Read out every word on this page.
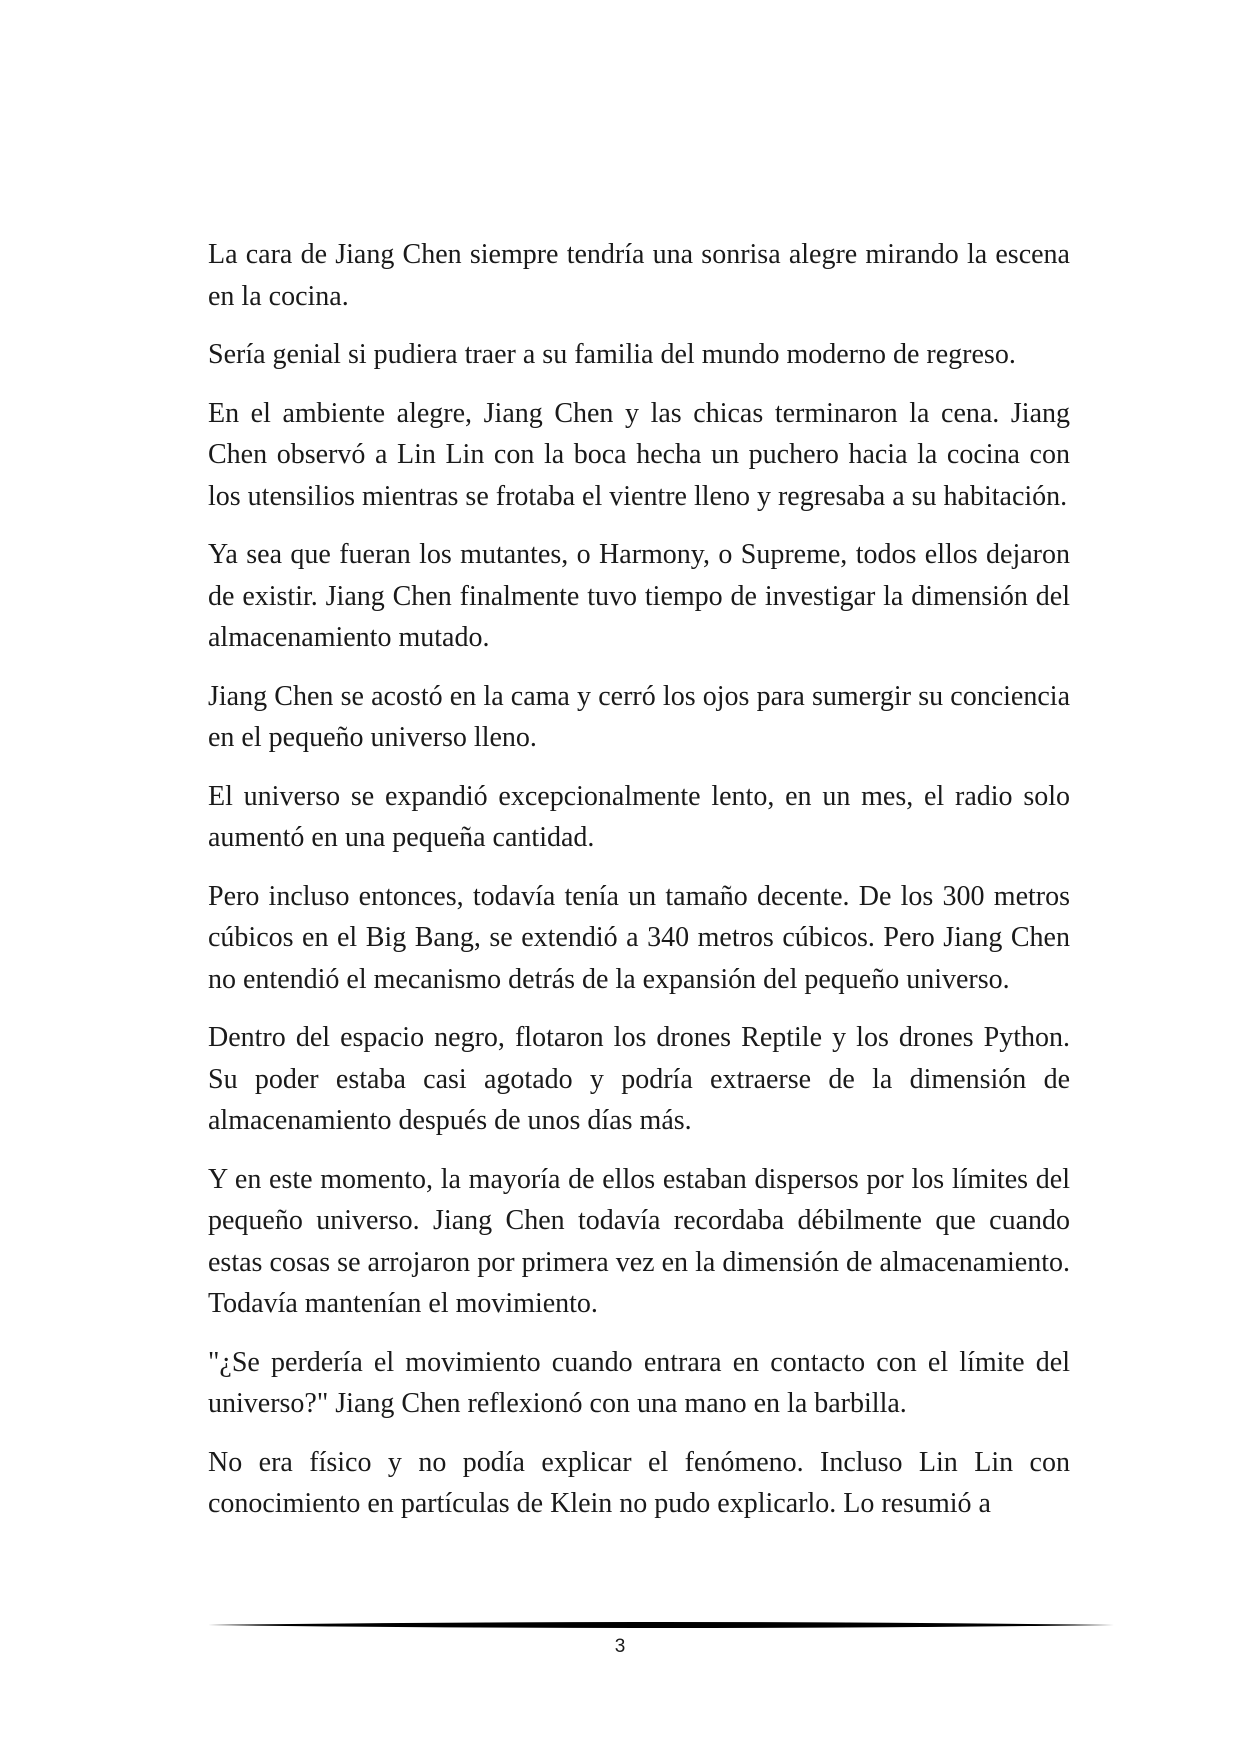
La cara de Jiang Chen siempre tendría una sonrisa alegre mirando la escena en la cocina.

Sería genial si pudiera traer a su familia del mundo moderno de regreso.

En el ambiente alegre, Jiang Chen y las chicas terminaron la cena. Jiang Chen observó a Lin Lin con la boca hecha un puchero hacia la cocina con los utensilios mientras se frotaba el vientre lleno y regresaba a su habitación.

Ya sea que fueran los mutantes, o Harmony, o Supreme, todos ellos dejaron de existir. Jiang Chen finalmente tuvo tiempo de investigar la dimensión del almacenamiento mutado.

Jiang Chen se acostó en la cama y cerró los ojos para sumergir su conciencia en el pequeño universo lleno.

El universo se expandió excepcionalmente lento, en un mes, el radio solo aumentó en una pequeña cantidad.

Pero incluso entonces, todavía tenía un tamaño decente. De los 300 metros cúbicos en el Big Bang, se extendió a 340 metros cúbicos. Pero Jiang Chen no entendió el mecanismo detrás de la expansión del pequeño universo.

Dentro del espacio negro, flotaron los drones Reptile y los drones Python. Su poder estaba casi agotado y podría extraerse de la dimensión de almacenamiento después de unos días más.

Y en este momento, la mayoría de ellos estaban dispersos por los límites del pequeño universo. Jiang Chen todavía recordaba débilmente que cuando estas cosas se arrojaron por primera vez en la dimensión de almacenamiento. Todavía mantenían el movimiento.

"¿Se perdería el movimiento cuando entrara en contacto con el límite del universo?" Jiang Chen reflexionó con una mano en la barbilla.

No era físico y no podía explicar el fenómeno. Incluso Lin Lin con conocimiento en partículas de Klein no pudo explicarlo. Lo resumió a

3
